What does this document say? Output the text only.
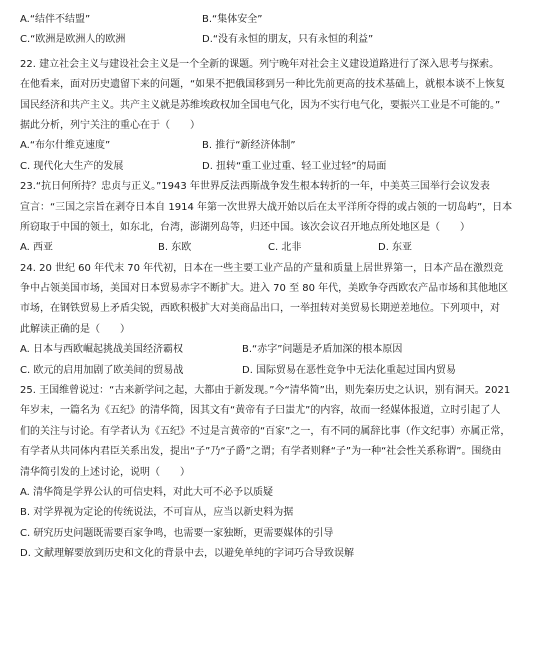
A.“结伴不结盟”	B.“集体安全”
C.“欧洲是欧洲人的欧洲	D.“没有永恒的朋友，只有永恒的利益”
22. 建立社会主义与建设社会主义是一个全新的课题。列宁晚年对社会主义建设道路进行了深入思考与探索。
在他看来，面对历史遗留下来的问题，“如果不把俄国移到另一种比先前更高的技术基础上，就根本谈不上恢复
国民经济和共产主义。共产主义就是苏维埃政权加全国电气化，因为不实行电气化，要振兴工业是不可能的。”
据此分析，列宁关注的重心在于（　　）
A.“布尔什维克速度”	B. 推行“新经济体制”
C. 现代化大生产的发展	D. 扭转“重工业过重、轻工业过轻”的局面
23.“抗日何所持？忠贞与正义。”1943 年世界反法西斯战争发生根本转折的一年，中美英三国举行会议发表
宣言：“三国之宗旨在剥夺日本自 1914 年第一次世界大战开始以后在太平洋所夺得的或占领的一切岛屿”，日本
所窃取于中国的领土，如东北，台湾，澎湖列岛等，归还中国。该次会议召开地点所处地区是（　　）
A. 西亚	B. 东欧	C. 北非	D. 东亚
24. 20 世纪 60 年代末 70 年代初，日本在一些主要工业产品的产量和质量上居世界第一，日本产品在激烈竞
争中占领美国市场，美国对日本贸易赤字不断扩大。进入 70 至 80 年代，美欧争夺西欧农产品市场和其他地区
市场，在钢铁贸易上矛盾尖锐，西欧积极扩大对美商品出口，一举扭转对美贸易长期逆差地位。下列项中，对
此解读正确的是（　　）
A. 日本与西欧崛起挑战美国经济霸权	B.“赤字”问题是矛盾加深的根本原因
C. 欧元的启用加剧了欧美间的贸易战	D. 国际贸易在恶性竞争中无法化重起过国内贸易
25. 王国维曾说过：“古来新学问之起，大都由于新发现。”今“清华简”出，则先秦历史之认识，别有洞天。2021
年岁末，一篇名为《五纪》的清华简，因其文有“黄帝有子曰蚩尤”的内容，故而一经媒体报道，立时引起了人
们的关注与讨论。有学者认为《五纪》不过是言黄帝的“百家”之一，有不同的属辞比事（作文纪事）亦属正常，
有学者从共同体内君臣关系出发，提出“子”乃“子爵”之谓；有学者则释“子”为一种“社会性关系称谓”。围绕由
清华简引发的上述讨论，说明（　　）
A. 清华简是学界公认的可信史料，对此大可不必予以质疑
B. 对学界视为定论的传统说法，不可盲从，应当以新史料为据
C. 研究历史问题既需要百家争鸣，也需要一家独断，更需要媒体的引导
D. 文献理解要放到历史和文化的背景中去，以避免单纯的字词巧合导致误解
